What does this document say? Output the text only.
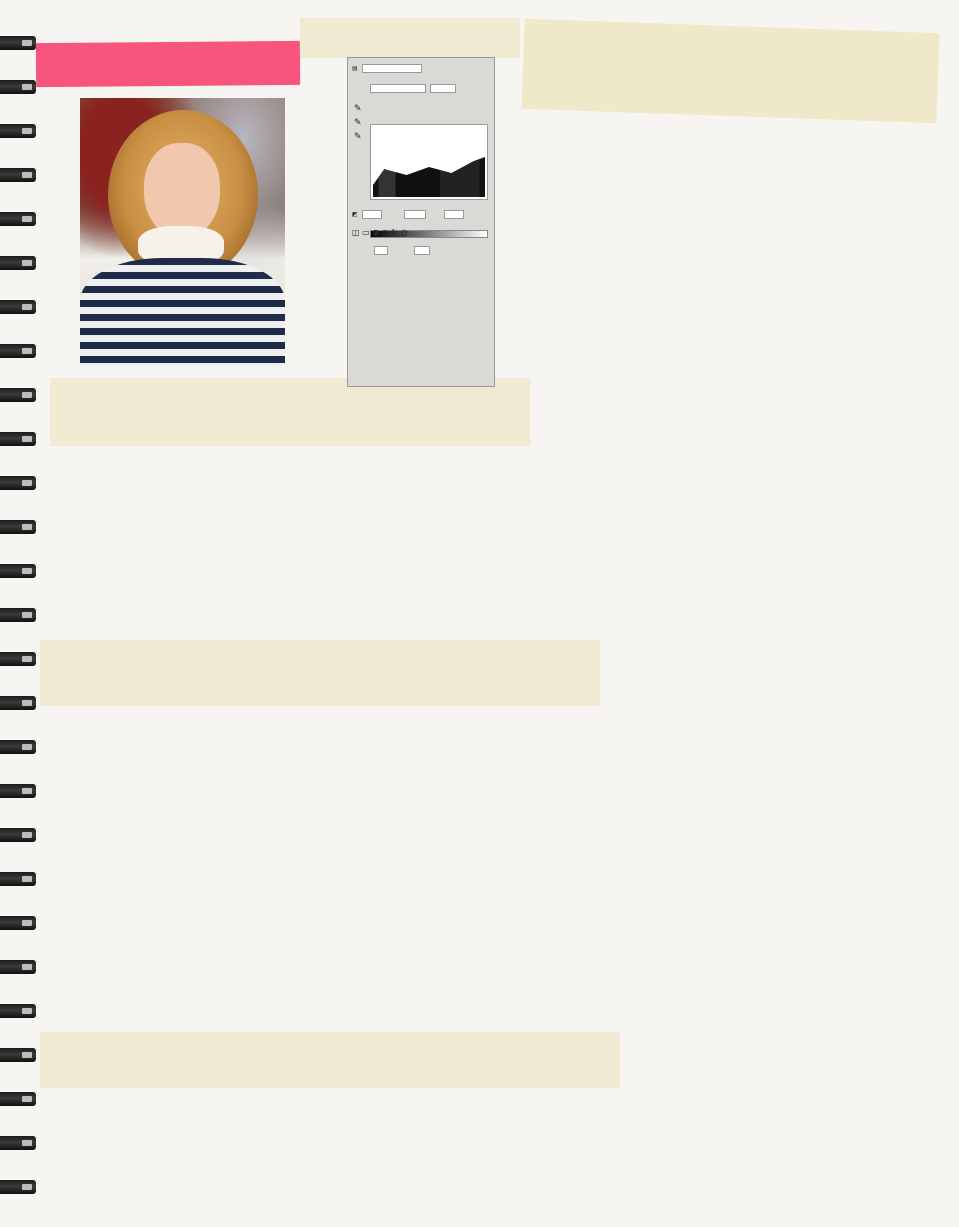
▤
✎
✎
✎
◩
◫ ▭ ● ◉ ↻ ◷
